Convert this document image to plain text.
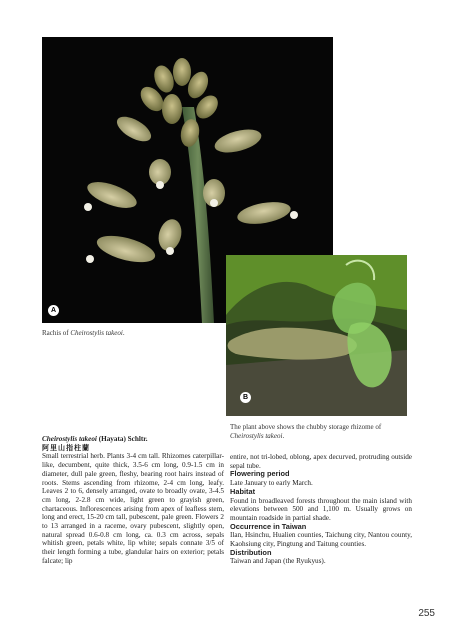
A
Rachis of Cheirostylis takeoi.
B
The plant above shows the chubby storage rhizome of Cheirostylis takeoi.

Cheirostylis takeoi (Hayata) Schltr.

阿里山指柱蘭

Small terrestrial herb. Plants 3-4 cm tall. Rhizomes caterpillar-like, decumbent, quite thick, 3.5-6 cm long, 0.9-1.5 cm in diameter, dull pale green, fleshy, bearing root hairs instead of roots. Stems ascending from rhizome, 2-4 cm long, leafy. Leaves 2 to 6, densely arranged, ovate to broadly ovate, 3-4.5 cm long, 2-2.8 cm wide, light green to grayish green, chartaceous. Inflorescences arising from apex of leafless stem, long and erect, 15-20 cm tall, pubescent, pale green. Flowers 2 to 13 arranged in a raceme, ovary pubescent, slightly open, natural spread 0.6-0.8 cm long, ca. 0.3 cm across, sepals whitish green, petals white, lip white; sepals connate 3/5 of their length forming a tube, glandular hairs on exterior; petals falcate; lip

entire, not tri-lobed, oblong, apex decurved, protruding outside sepal tube.

Flowering period

Late January to early March.

Habitat

Found in broadleaved forests throughout the main island with elevations between 500 and 1,100 m. Usually grows on mountain roadside in partial shade.

Occurrence in Taiwan

Ilan, Hsinchu, Hualien counties, Taichung city, Nantou county, Kaohsiung city, Pingtung and Taitung counties.

Distribution

Taiwan and Japan (the Ryukyus).

255
